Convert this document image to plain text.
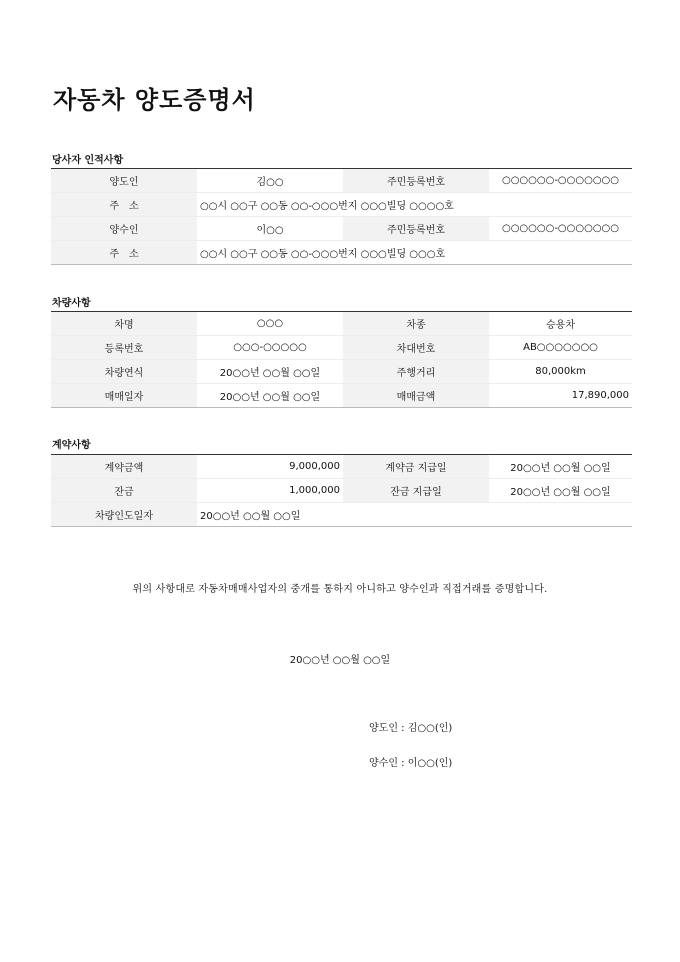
자동차 양도증명서
당사자 인적사항
양도인	김○○	주민등록번호	○○○○○○-○○○○○○○
주　소	○○시 ○○구 ○○동 ○○-○○○번지 ○○○빌딩 ○○○○호		
양수인	이○○	주민등록번호	○○○○○○-○○○○○○○
주　소	○○시 ○○구 ○○동 ○○-○○○번지 ○○○빌딩 ○○○호		
차량사항
차명	○○○	차종	승용차
등록번호	○○○-○○○○○	차대번호	AB○○○○○○○
차량연식	20○○년 ○○월 ○○일	주행거리	80,000km
매매일자	20○○년 ○○월 ○○일	매매금액	17,890,000
계약사항
계약금액	9,000,000	계약금 지급일	20○○년 ○○월 ○○일
잔금	1,000,000	잔금 지급일	20○○년 ○○월 ○○일
차량인도일자	20○○년 ○○월 ○○일		
위의 사항대로 자동차매매사업자의 중개를 통하지 아니하고 양수인과 직접거래를 증명합니다.
20○○년 ○○월 ○○일
양도인 : 김○○(인)
양수인 : 이○○(인)
